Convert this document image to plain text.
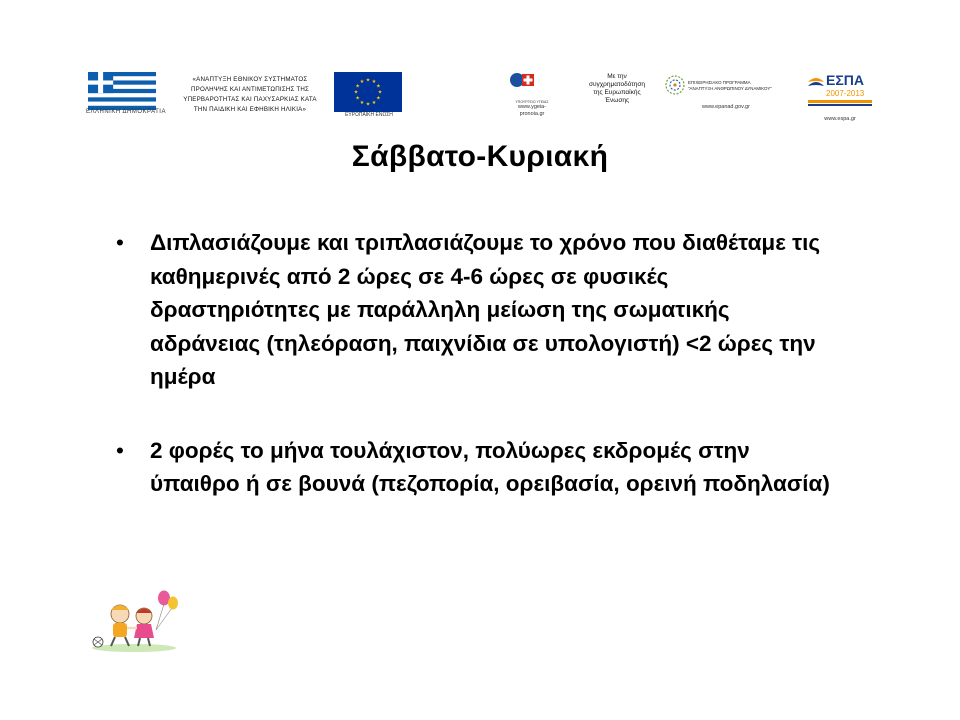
ΕΛΛΗΝΙΚΗ ΔΗΜΟΚΡΑΤΙΑ
«ΑΝΑΠΤΥΞΗ ΕΘΝΙΚΟΥ ΣΥΣΤΗΜΑΤΟΣ
ΠΡΟΛΗΨΗΣ ΚΑΙ ΑΝΤΙΜΕΤΩΠΙΣΗΣ ΤΗΣ
ΥΠΕΡΒΑΡΟΤΗΤΑΣ ΚΑΙ ΠΑΧΥΣΑΡΚΙΑΣ ΚΑΤΑ
ΤΗΝ ΠΑΙΔΙΚΗ ΚΑΙ ΕΦΗΒΙΚΗ ΗΛΙΚΙΑ»
★ ★
★
★
★
★
★
★
★
★
★
★
ΕΥΡΩΠΑΪΚΗ ΕΝΩΣΗ
ΥΠΟΥΡΓΕΙΟ ΥΓΕΙΑΣ
www.ygeia-pronoia.gr
Με την
συγχρηματοδότηση
της Ευρωπαϊκής
Ένωσης
ΕΠΙΧΕΙΡΗΣΙΑΚΟ ΠΡΟΓΡΑΜΜΑ
"ΑΝΑΠΤΥΞΗ ΑΝΘΡΩΠΙΝΟΥ ΔΥΝΑΜΙΚΟΥ"
www.epanad.gov.gr
ΕΣΠΑ
2007-2013
www.espa.gr
Σάββατο-Κυριακή
• Διπλασιάζουμε και τριπλασιάζουμε το χρόνο που διαθέταμε τις καθημερινές από 2 ώρες σε 4-6 ώρες σε φυσικές δραστηριότητες με παράλληλη μείωση της σωματικής αδράνειας (τηλεόραση, παιχνίδια σε υπολογιστή) <2 ώρες την ημέρα
• 2 φορές το μήνα τουλάχιστον, πολύωρες εκδρομές στην ύπαιθρο ή σε βουνά (πεζοπορία, ορειβασία, ορεινή ποδηλασία)
